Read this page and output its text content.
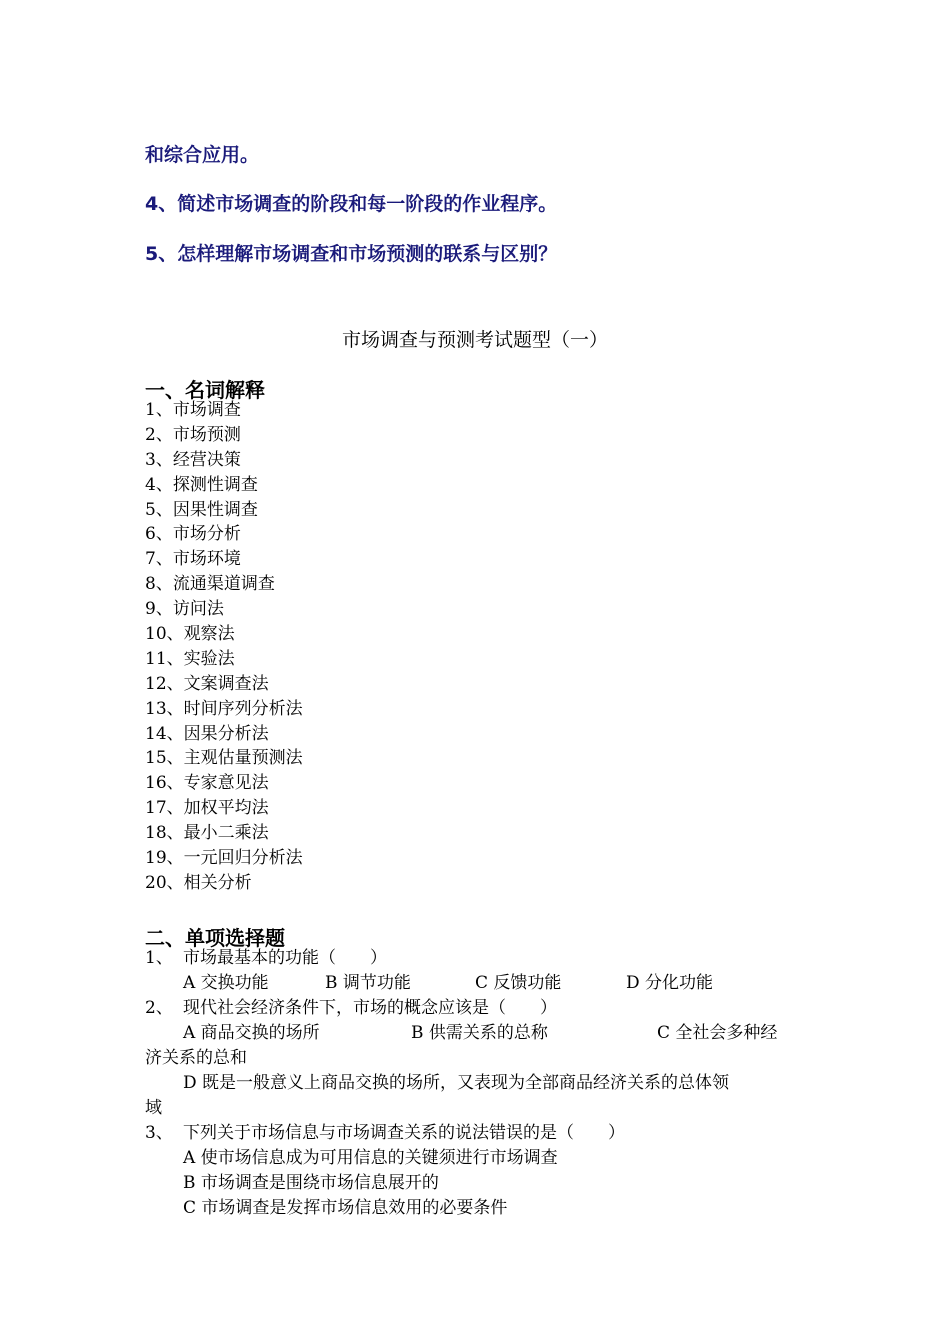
和综合应用。
4、简述市场调查的阶段和每一阶段的作业程序。
5、怎样理解市场调查和市场预测的联系与区别？
市场调查与预测考试题型（一）
一、名词解释
1、市场调查
2、市场预测
3、经营决策
4、探测性调查
5、因果性调查
6、市场分析
7、市场环境
8、流通渠道调查
9、访问法
10、观察法
11、实验法
12、文案调查法
13、时间序列分析法
14、因果分析法
15、主观估量预测法
16、专家意见法
17、加权平均法
18、最小二乘法
19、一元回归分析法
20、相关分析
二、单项选择题
1、 市场最基本的功能（　　）
A 交换功能	B 调节功能	C 反馈功能	D 分化功能
2、 现代社会经济条件下，市场的概念应该是（　　）
A 商品交换的场所	B 供需关系的总称	C 全社会多种经
济关系的总和
D 既是一般意义上商品交换的场所，又表现为全部商品经济关系的总体领
域
3、 下列关于市场信息与市场调查关系的说法错误的是（　　）
A 使市场信息成为可用信息的关键须进行市场调查
B 市场调查是围绕市场信息展开的
C 市场调查是发挥市场信息效用的必要条件
